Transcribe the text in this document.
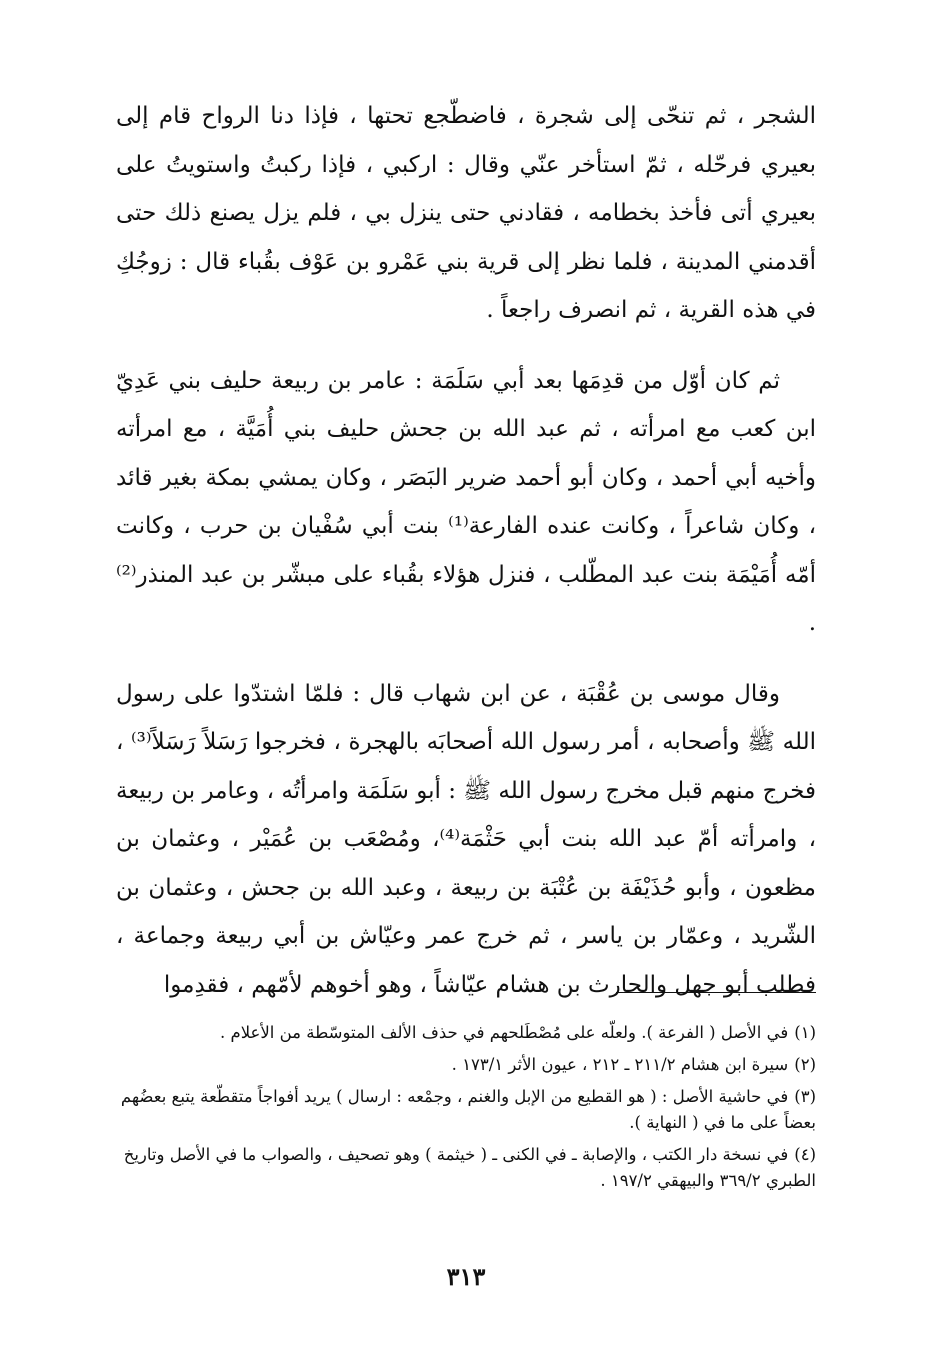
الشجر ، ثم تنحّى إلى شجرة ، فاضطّجع تحتها ، فإذا دنا الرواح قام إلى بعيري فرحّله ، ثمّ استأخر عنّي وقال : اركبي ، فإذا ركبتُ واستويتُ على بعيري أتى فأخذ بخطامه ، فقادني حتى ينزل بي ، فلم يزل يصنع ذلك حتى أقدمني المدينة ، فلما نظر إلى قرية بني عَمْرو بن عَوْف بقُباء قال : زوجُكِ في هذه القرية ، ثم انصرف راجعاً .

ثم كان أوّل من قدِمَها بعد أبي سَلَمَة : عامر بن ربيعة حليف بني عَدِيّ ابن كعب مع امرأته ، ثم عبد الله بن جحش حليف بني أُمَيَّة ، مع امرأته وأخيه أبي أحمد ، وكان أبو أحمد ضرير البَصَر ، وكان يمشي بمكة بغير قائد ، وكان شاعراً ، وكانت عنده الفارعة⁽¹⁾ بنت أبي سُفْيان بن حرب ، وكانت أمّه أُمَيْمَة بنت عبد المطّلب ، فنزل هؤلاء بقُباء على مبشّر بن عبد المنذر⁽²⁾ .

وقال موسى بن عُقْبَة ، عن ابن شهاب قال : فلمّا اشتدّوا على رسول الله ﷺ وأصحابه ، أمر رسول الله أصحابَه بالهجرة ، فخرجوا رَسَلاً رَسَلاً⁽³⁾ ، فخرج منهم قبل مخرج رسول الله ﷺ : أبو سَلَمَة وامرأتُه ، وعامر بن ربيعة ، وامرأته أمّ عبد الله بنت أبي حَثْمَة⁽⁴⁾، ومُصْعَب بن عُمَيْر ، وعثمان بن مظعون ، وأبو حُذَيْفَة بن عُتْبَة بن ربيعة ، وعبد الله بن جحش ، وعثمان بن الشّريد ، وعمّار بن ياسر ، ثم خرج عمر وعيّاش بن أبي ربيعة وجماعة ، فطلب أبو جهل والحارث بن هشام عيّاشاً ، وهو أخوهم لأمّهم ، فقدِموا

(١)في الأصل ( الفرعة ). ولعلّه على مُصْطَلحهم في حذف الألف المتوسّطة من الأعلام .
(٢)سيرة ابن هشام ٢١١/٢ ـ ٢١٢ ، عيون الأثر ١٧٣/١ .
(٣)في حاشية الأصل : ( هو القطيع من الإبل والغنم ، وجمْعه : ارسال ) يريد أفواجاً متقطّعة يتبع بعضُهم بعضاً على ما في ( النهاية ).
(٤)في نسخة دار الكتب ، والإصابة ـ في الكنى ـ ( خيثمة ) وهو تصحيف ، والصواب ما في الأصل وتاريخ الطبري ٣٦٩/٢ والبيهقي ١٩٧/٢ .
٣١٣
